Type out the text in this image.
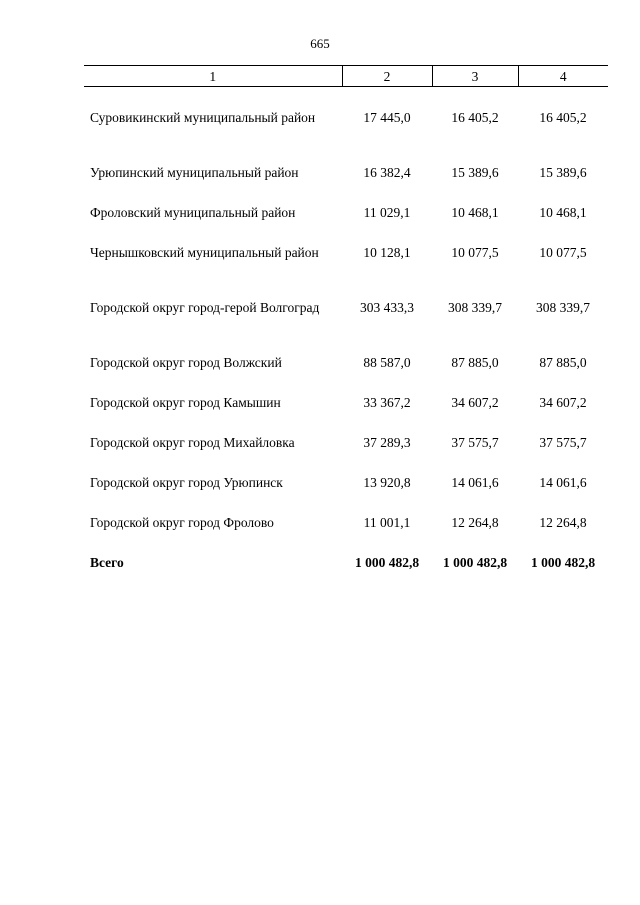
665
1	2	3	4
Суровикинский муниципальный район	17 445,0	16 405,2	16 405,2
Урюпинский муниципальный район	16 382,4	15 389,6	15 389,6
Фроловский муниципальный район	11 029,1	10 468,1	10 468,1
Чернышковский муниципальный район	10 128,1	10 077,5	10 077,5
Городской округ город-герой Волгоград	303 433,3	308 339,7	308 339,7
Городской округ город Волжский	88 587,0	87 885,0	87 885,0
Городской округ город Камышин	33 367,2	34 607,2	34 607,2
Городской округ город Михайловка	37 289,3	37 575,7	37 575,7
Городской округ город Урюпинск	13 920,8	14 061,6	14 061,6
Городской округ город Фролово	11 001,1	12 264,8	12 264,8
Всего	1 000 482,8	1 000 482,8	1 000 482,8
